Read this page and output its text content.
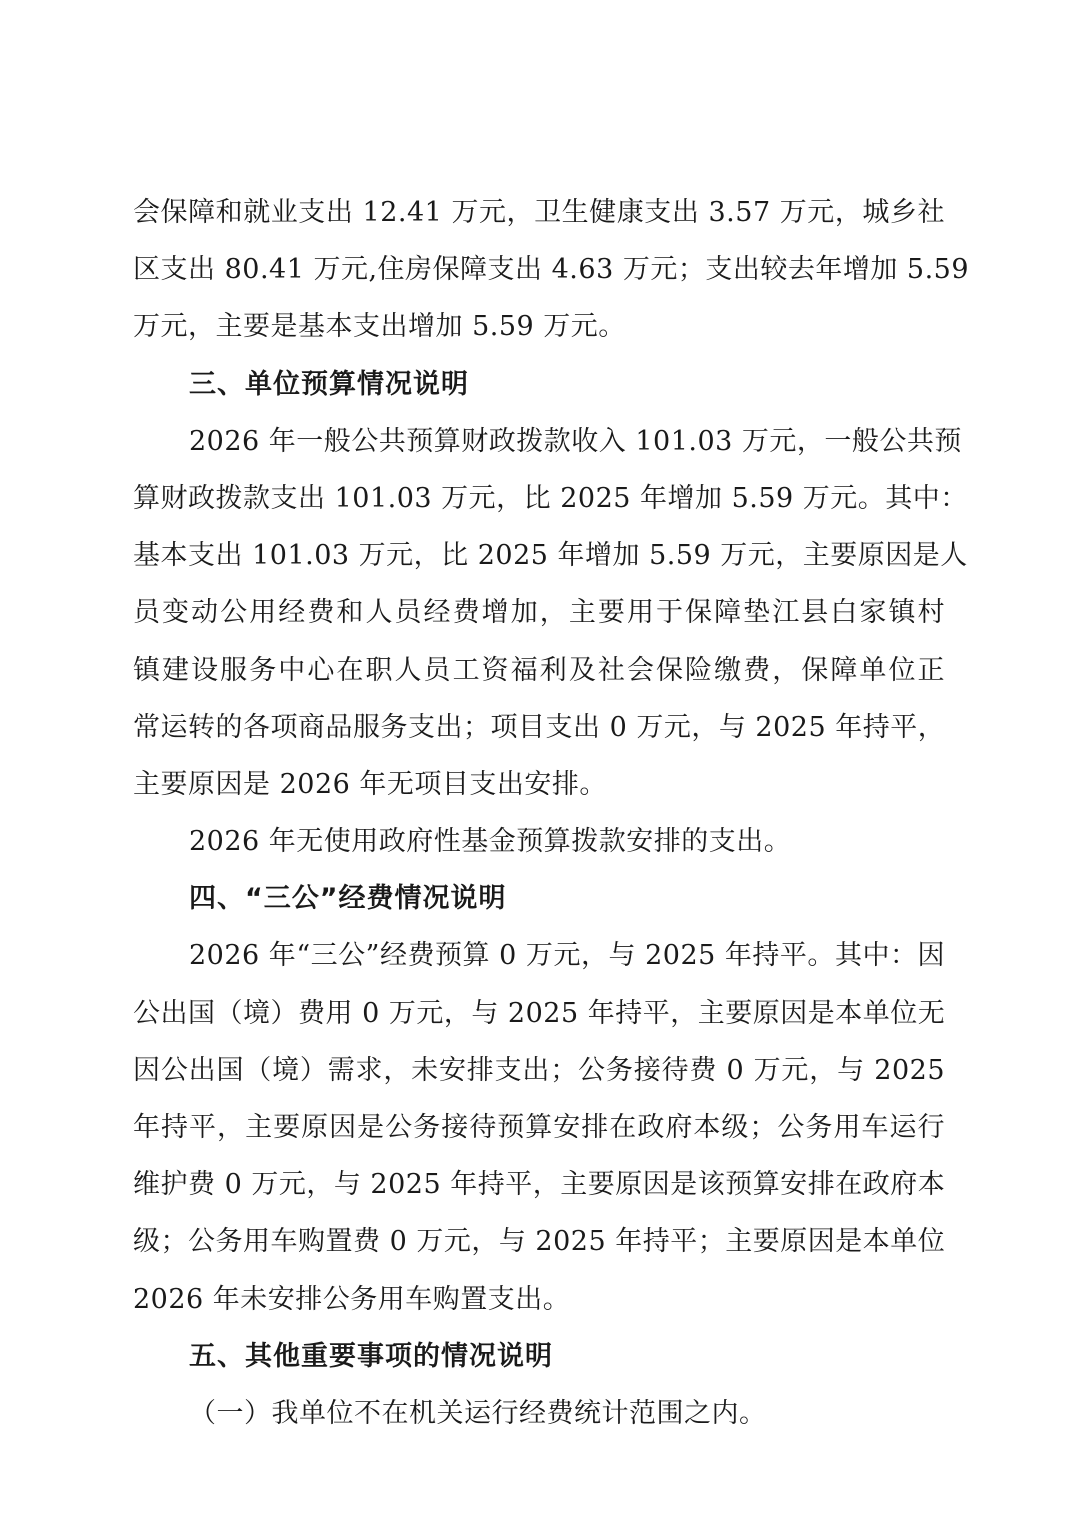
会保障和就业支出 12.41 万元，卫生健康支出 3.57 万元，城乡社
区支出 80.41 万元,住房保障支出 4.63 万元；支出较去年增加 5.59
万元，主要是基本支出增加 5.59 万元。
三、单位预算情况说明
2026 年一般公共预算财政拨款收入 101.03 万元，一般公共预
算财政拨款支出 101.03 万元，比 2025 年增加 5.59 万元。其中：
基本支出 101.03 万元，比 2025 年增加 5.59 万元，主要原因是人
员变动公用经费和人员经费增加，主要用于保障垫江县白家镇村
镇建设服务中心在职人员工资福利及社会保险缴费，保障单位正
常运转的各项商品服务支出；项目支出 0 万元，与 2025 年持平，
主要原因是 2026 年无项目支出安排。
2026 年无使用政府性基金预算拨款安排的支出。
四、“三公”经费情况说明
2026 年“三公”经费预算 0 万元，与 2025 年持平。其中：因
公出国（境）费用 0 万元，与 2025 年持平，主要原因是本单位无
因公出国（境）需求，未安排支出；公务接待费 0 万元，与 2025
年持平，主要原因是公务接待预算安排在政府本级；公务用车运行
维护费 0 万元，与 2025 年持平，主要原因是该预算安排在政府本
级；公务用车购置费 0 万元，与 2025 年持平；主要原因是本单位
2026 年未安排公务用车购置支出。
五、其他重要事项的情况说明
（一）我单位不在机关运行经费统计范围之内。
